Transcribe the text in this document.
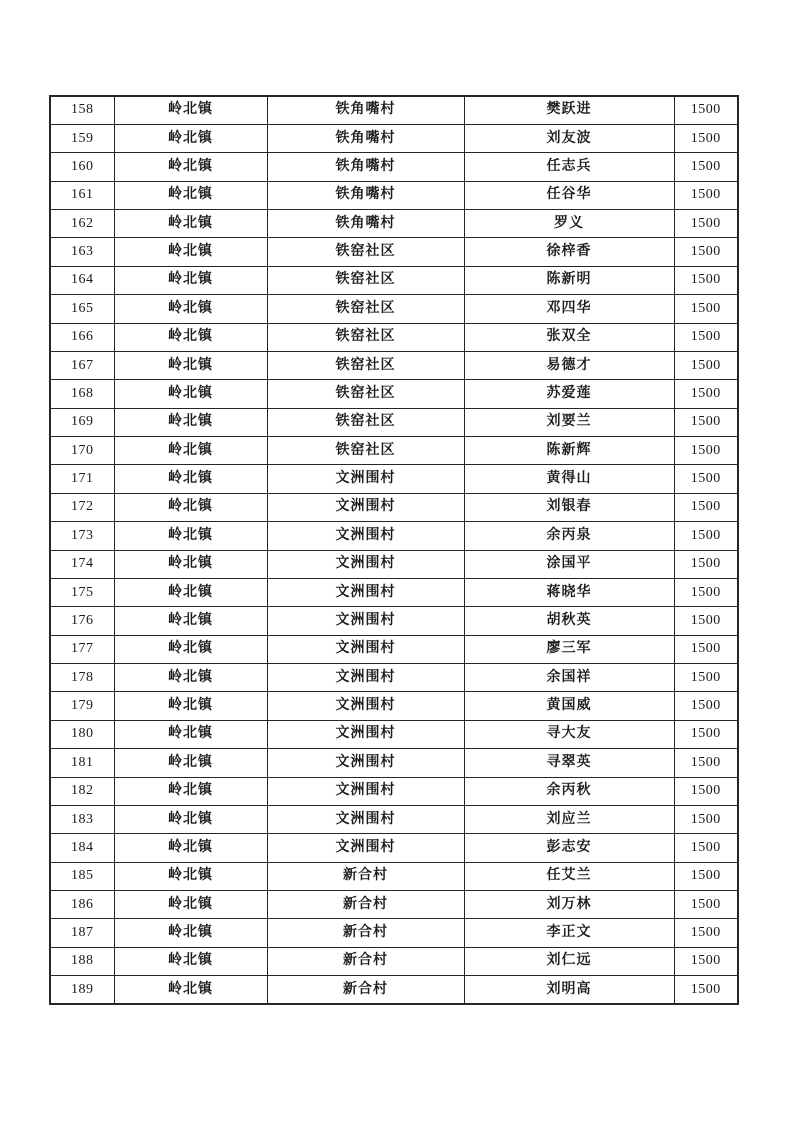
158	岭北镇	铁角嘴村	樊跃进	1500
159	岭北镇	铁角嘴村	刘友波	1500
160	岭北镇	铁角嘴村	任志兵	1500
161	岭北镇	铁角嘴村	任谷华	1500
162	岭北镇	铁角嘴村	罗义	1500
163	岭北镇	铁窑社区	徐梓香	1500
164	岭北镇	铁窑社区	陈新明	1500
165	岭北镇	铁窑社区	邓四华	1500
166	岭北镇	铁窑社区	张双全	1500
167	岭北镇	铁窑社区	易德才	1500
168	岭北镇	铁窑社区	苏爱莲	1500
169	岭北镇	铁窑社区	刘要兰	1500
170	岭北镇	铁窑社区	陈新辉	1500
171	岭北镇	文洲围村	黄得山	1500
172	岭北镇	文洲围村	刘银春	1500
173	岭北镇	文洲围村	余丙泉	1500
174	岭北镇	文洲围村	涂国平	1500
175	岭北镇	文洲围村	蒋晓华	1500
176	岭北镇	文洲围村	胡秋英	1500
177	岭北镇	文洲围村	廖三军	1500
178	岭北镇	文洲围村	余国祥	1500
179	岭北镇	文洲围村	黄国威	1500
180	岭北镇	文洲围村	寻大友	1500
181	岭北镇	文洲围村	寻翠英	1500
182	岭北镇	文洲围村	余丙秋	1500
183	岭北镇	文洲围村	刘应兰	1500
184	岭北镇	文洲围村	彭志安	1500
185	岭北镇	新合村	任艾兰	1500
186	岭北镇	新合村	刘万林	1500
187	岭北镇	新合村	李正文	1500
188	岭北镇	新合村	刘仁远	1500
189	岭北镇	新合村	刘明高	1500
